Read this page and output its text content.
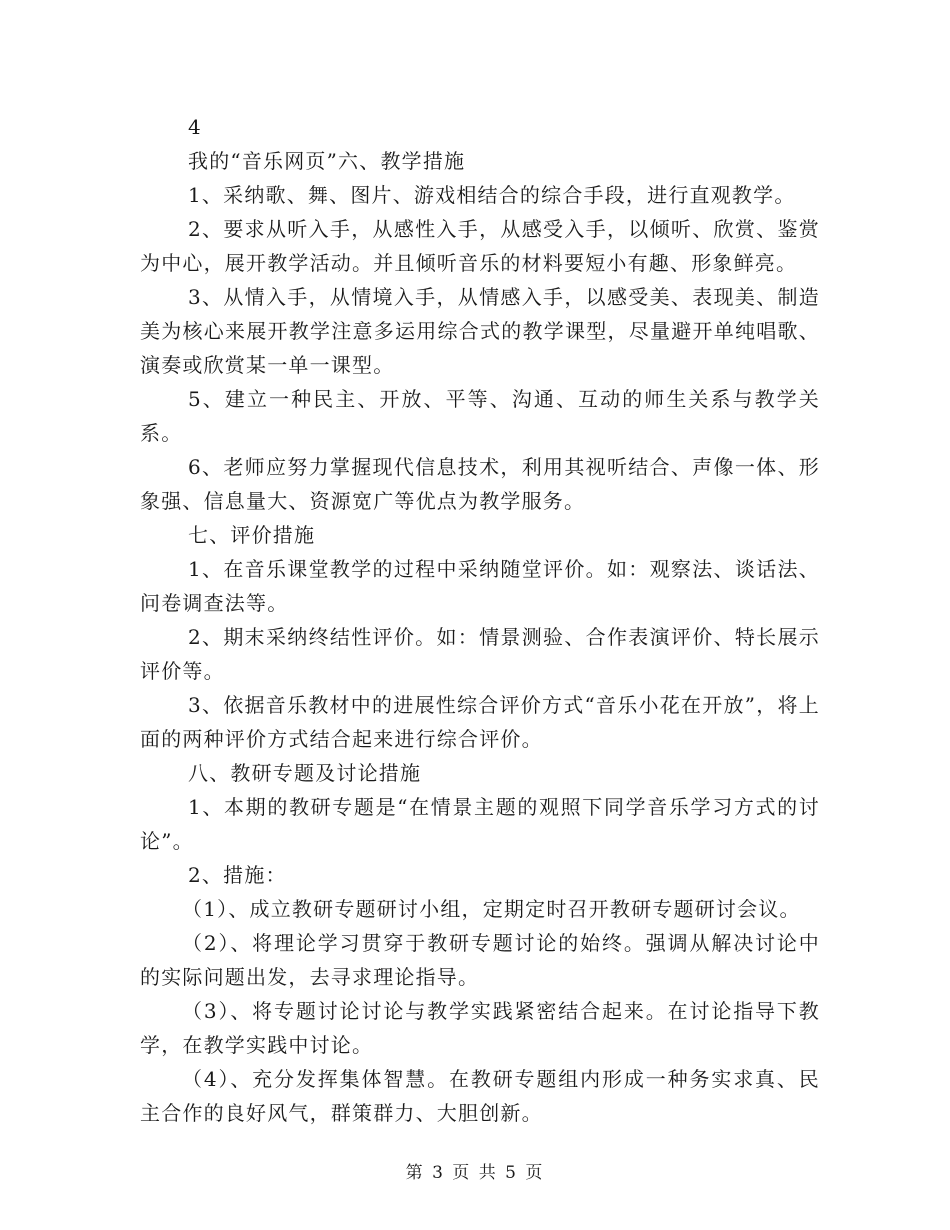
4

我的“音乐网页”六、教学措施

1、采纳歌、舞、图片、游戏相结合的综合手段，进行直观教学。

2、要求从听入手，从感性入手，从感受入手，以倾听、欣赏、鉴赏为中心，展开教学活动。并且倾听音乐的材料要短小有趣、形象鲜亮。

3、从情入手，从情境入手，从情感入手，以感受美、表现美、制造美为核心来展开教学注意多运用综合式的教学课型，尽量避开单纯唱歌、演奏或欣赏某一单一课型。

5、建立一种民主、开放、平等、沟通、互动的师生关系与教学关系。

6、老师应努力掌握现代信息技术，利用其视听结合、声像一体、形象强、信息量大、资源宽广等优点为教学服务。

七、评价措施

1、在音乐课堂教学的过程中采纳随堂评价。如：观察法、谈话法、问卷调查法等。

2、期末采纳终结性评价。如：情景测验、合作表演评价、特长展示评价等。

3、依据音乐教材中的进展性综合评价方式“音乐小花在开放”，将上面的两种评价方式结合起来进行综合评价。

八、教研专题及讨论措施

1、本期的教研专题是“在情景主题的观照下同学音乐学习方式的讨论”。

2、措施：

（1）、成立教研专题研讨小组，定期定时召开教研专题研讨会议。

（2）、将理论学习贯穿于教研专题讨论的始终。强调从解决讨论中的实际问题出发，去寻求理论指导。

（3）、将专题讨论讨论与教学实践紧密结合起来。在讨论指导下教学，在教学实践中讨论。

（4）、充分发挥集体智慧。在教研专题组内形成一种务实求真、民主合作的良好风气，群策群力、大胆创新。

第 3 页 共 5 页
